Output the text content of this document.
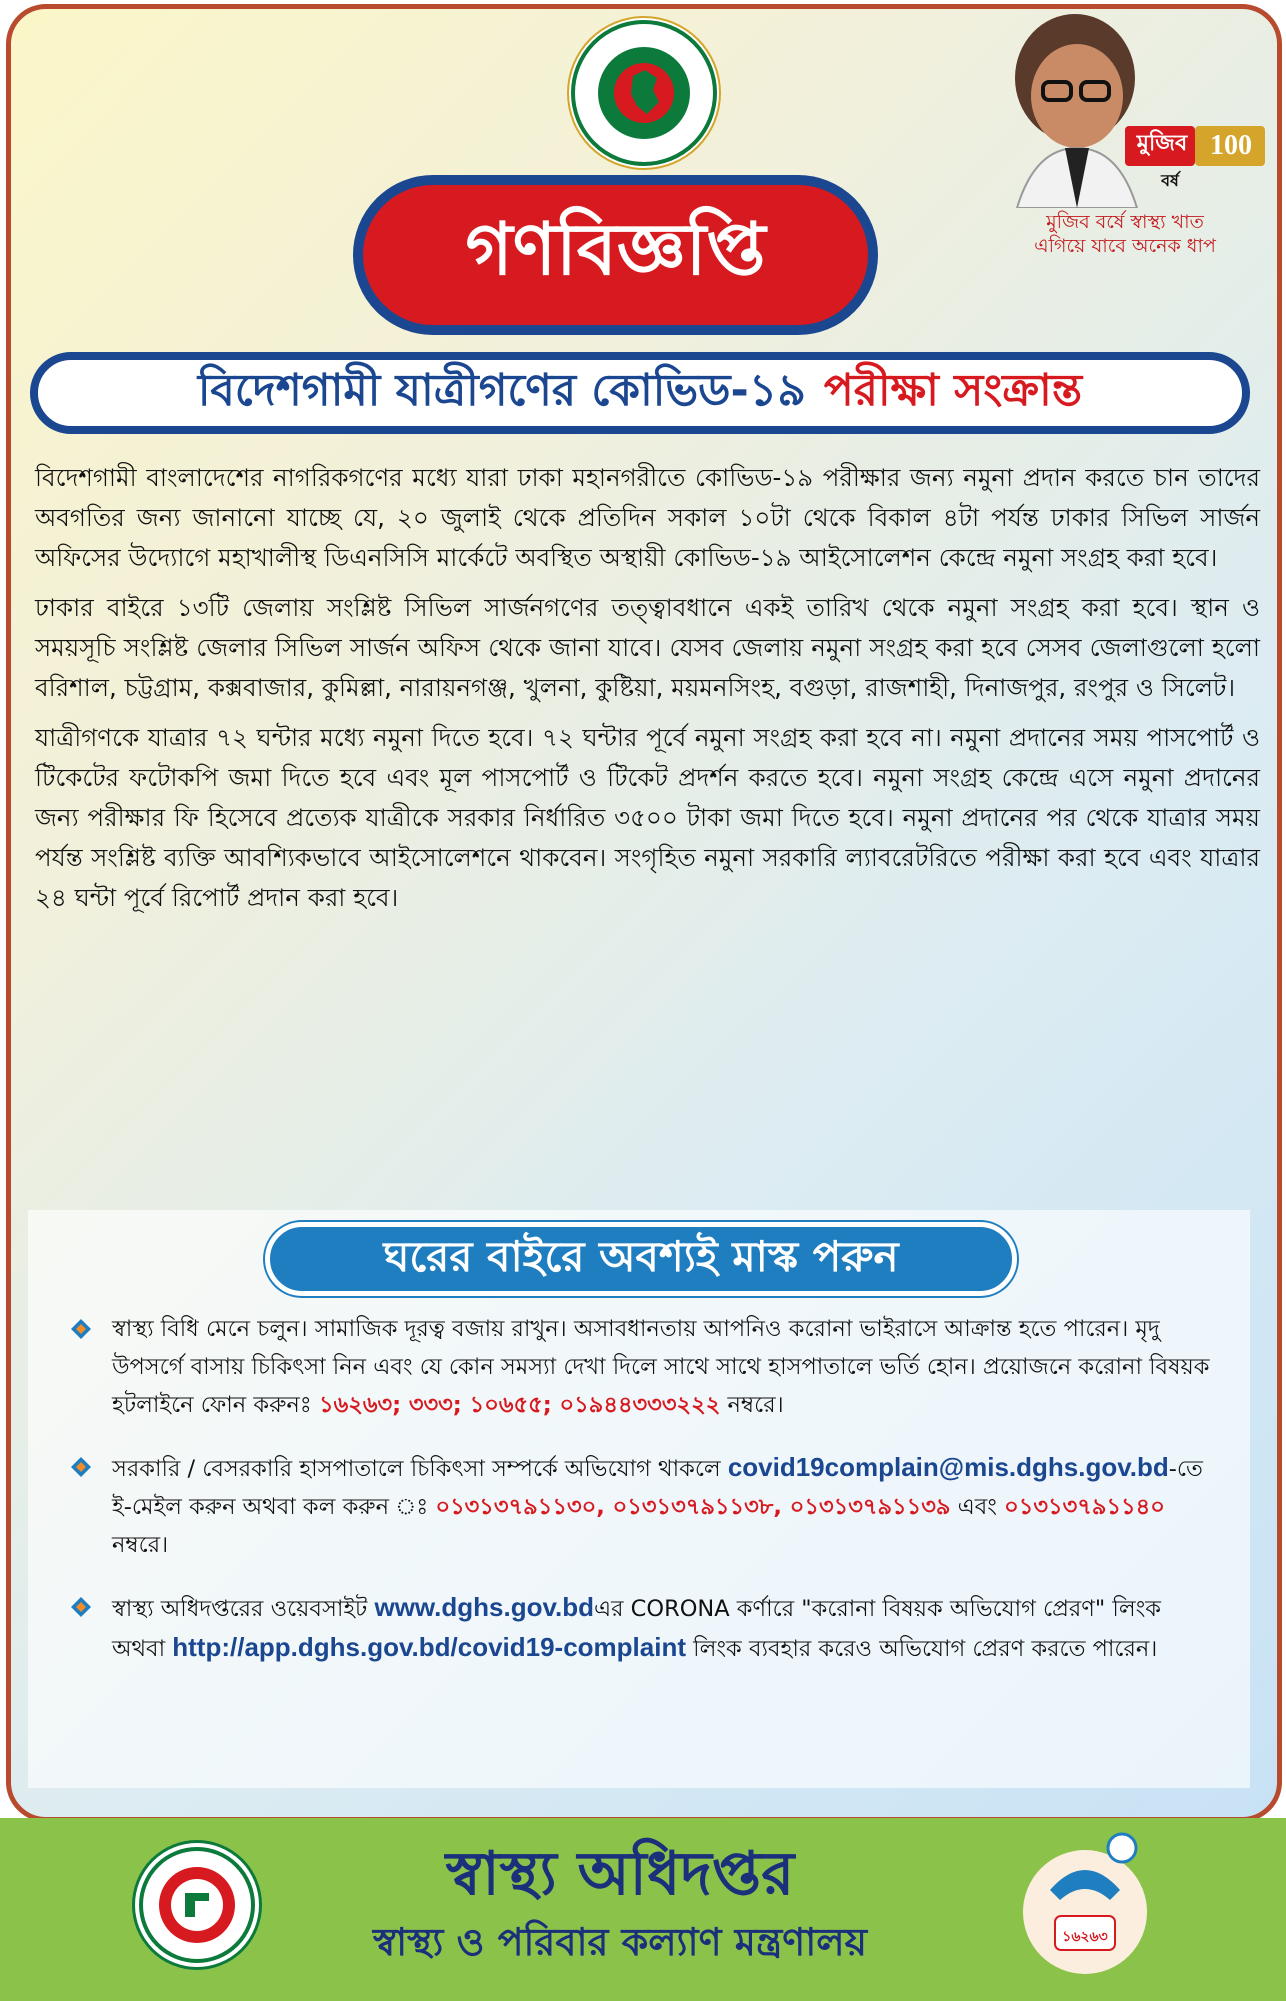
মুজিব 100
বর্ষ
মুজিব বর্ষে স্বাস্থ্য খাত
এগিয়ে যাবে অনেক ধাপ
গণবিজ্ঞপ্তি
বিদেশগামী যাত্রীগণের কোভিড-১৯ পরীক্ষা সংক্রান্ত

বিদেশগামী বাংলাদেশের নাগরিকগণের মধ্যে যারা ঢাকা মহানগরীতে কোভিড-১৯ পরীক্ষার জন্য নমুনা প্রদান করতে চান তাদের অবগতির জন্য জানানো যাচ্ছে যে, ২০ জুলাই থেকে প্রতিদিন সকাল ১০টা থেকে বিকাল ৪টা পর্যন্ত ঢাকার সিভিল সার্জন অফিসের উদ্যোগে মহাখালীস্থ ডিএনসিসি মার্কেটে অবস্থিত অস্থায়ী কোভিড-১৯ আইসোলেশন কেন্দ্রে নমুনা সংগ্রহ করা হবে।

ঢাকার বাইরে ১৩টি জেলায় সংশ্লিষ্ট সিভিল সার্জনগণের তত্ত্বাবধানে একই তারিখ থেকে নমুনা সংগ্রহ করা হবে। স্থান ও সময়সূচি সংশ্লিষ্ট জেলার সিভিল সার্জন অফিস থেকে জানা যাবে। যেসব জেলায় নমুনা সংগ্রহ করা হবে সেসব জেলাগুলো হলো বরিশাল, চট্টগ্রাম, কক্সবাজার, কুমিল্লা, নারায়নগঞ্জ, খুলনা, কুষ্টিয়া, ময়মনসিংহ, বগুড়া, রাজশাহী, দিনাজপুর, রংপুর ও সিলেট।

যাত্রীগণকে যাত্রার ৭২ ঘন্টার মধ্যে নমুনা দিতে হবে। ৭২ ঘন্টার পূর্বে নমুনা সংগ্রহ করা হবে না। নমুনা প্রদানের সময় পাসপোর্ট ও টিকেটের ফটোকপি জমা দিতে হবে এবং মূল পাসপোর্ট ও টিকেট প্রদর্শন করতে হবে। নমুনা সংগ্রহ কেন্দ্রে এসে নমুনা প্রদানের জন্য পরীক্ষার ফি হিসেবে প্রত্যেক যাত্রীকে সরকার নির্ধারিত ৩৫০০ টাকা জমা দিতে হবে। নমুনা প্রদানের পর থেকে যাত্রার সময় পর্যন্ত সংশ্লিষ্ট ব্যক্তি আবশ্যিকভাবে আইসোলেশনে থাকবেন। সংগৃহিত নমুনা সরকারি ল্যাবরেটরিতে পরীক্ষা করা হবে এবং যাত্রার ২৪ ঘন্টা পূর্বে রিপোর্ট প্রদান করা হবে।

ঘরের বাইরে অবশ্যই মাস্ক পরুন
স্বাস্থ্য বিধি মেনে চলুন। সামাজিক দূরত্ব বজায় রাখুন। অসাবধানতায় আপনিও করোনা ভাইরাসে আক্রান্ত হতে পারেন। মৃদু উপসর্গে বাসায় চিকিৎসা নিন এবং যে কোন সমস্যা দেখা দিলে সাথে সাথে হাসপাতালে ভর্তি হোন। প্রয়োজনে করোনা বিষয়ক হটলাইনে ফোন করুনঃ ১৬২৬৩; ৩৩৩; ১০৬৫৫; ০১৯৪৪৩৩৩২২২ নম্বরে।
সরকারি / বেসরকারি হাসপাতালে চিকিৎসা সম্পর্কে অভিযোগ থাকলে covid19complain@mis.dghs.gov.bd-তে ই-মেইল করুন অথবা কল করুন ঃ ০১৩১৩৭৯১১৩০, ০১৩১৩৭৯১১৩৮, ০১৩১৩৭৯১১৩৯ এবং ০১৩১৩৭৯১১৪০ নম্বরে।
স্বাস্থ্য অধিদপ্তরের ওয়েবসাইট www.dghs.gov.bdএর CORONA কর্ণারে "করোনা বিষয়ক অভিযোগ প্রেরণ" লিংক অথবা http://app.dghs.gov.bd/covid19-complaint লিংক ব্যবহার করেও অভিযোগ প্রেরণ করতে পারেন।
স্বাস্থ্য অধিদপ্তর
স্বাস্থ্য ও পরিবার কল্যাণ মন্ত্রণালয়	১৬২৬৩
